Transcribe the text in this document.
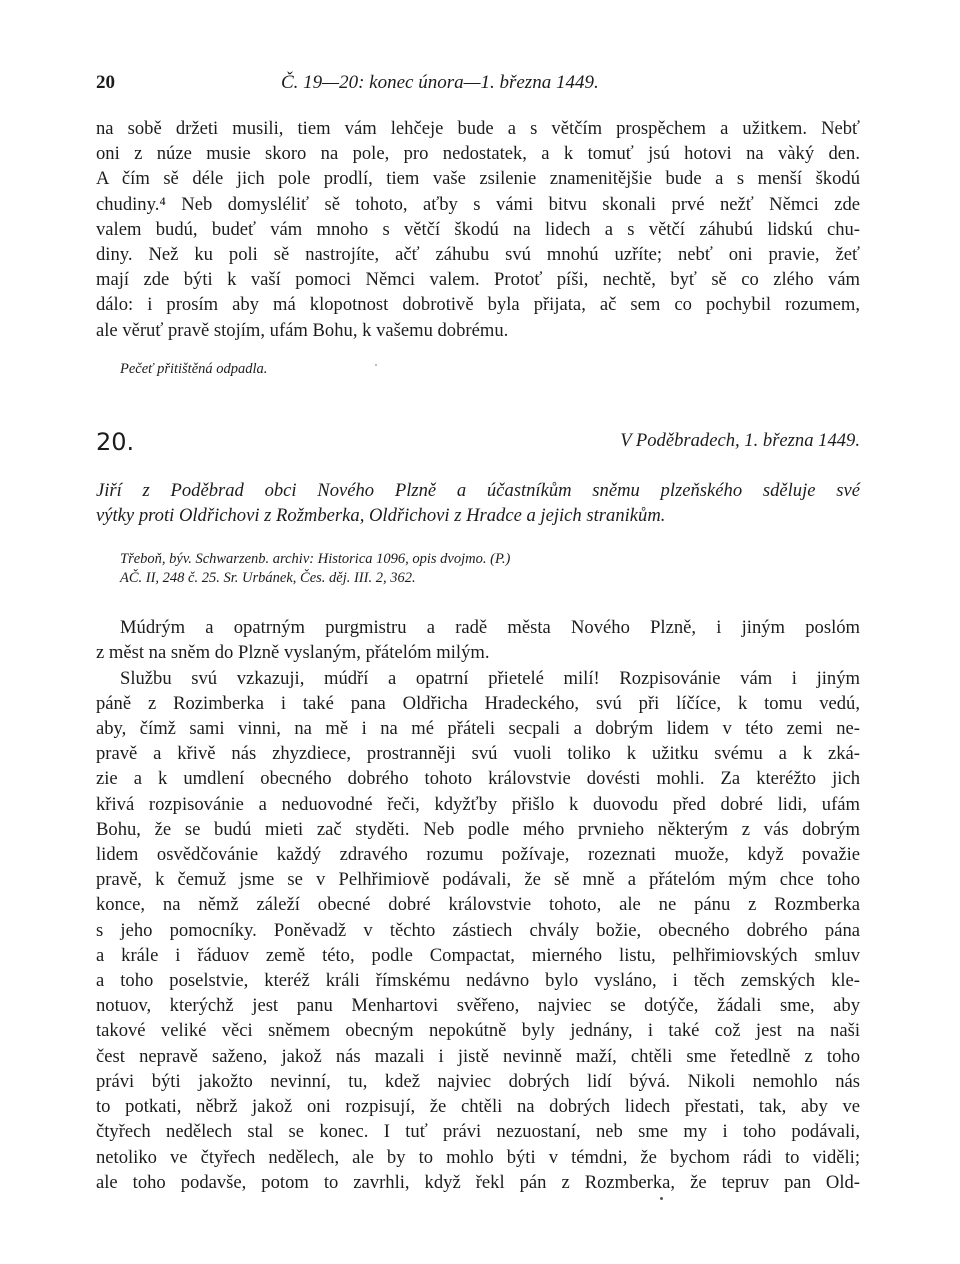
20	Č. 19—20: konec února—1. března 1449.
na sobě držeti musili, tiem vám lehčeje bude a s větčím prospěchem a užitkem. Nebť
oni z núze musie skoro na pole, pro nedostatek, a k tomuť jsú hotovi na vàký den.
A čím sě déle jich pole prodlí, tiem vaše zsilenie znamenitějšie bude a s menší škodú
chudiny.⁴ Neb domysléliť sě tohoto, aťby s vámi bitvu skonali prvé nežť Němci zde
valem budú, budeť vám mnoho s větčí škodú na lidech a s větčí záhubú lidskú chu-
diny. Než ku poli sě nastrojíte, ačť záhubu svú mnohú uzříte; nebť oni pravie, žeť
mají zde býti k vaší pomoci Němci valem. Protoť píši, nechtě, byť sě co zlého vám
dálo: i prosím aby má klopotnost dobrotivě byla přijata, ač sem co pochybil rozumem,
ale věruť pravě stojím, ufám Bohu, k vašemu dobrému.
Pečeť přitištěná odpadla.
20.	V Poděbradech, 1. března 1449.
Jiří z Poděbrad obci Nového Plzně a účastníkům sněmu plzeňského sděluje své
výtky proti Oldřichovi z Rožmberka, Oldřichovi z Hradce a jejich stranikům.
Třeboň, býv. Schwarzenb. archiv: Historica 1096, opis dvojmo. (P.)
AČ. II, 248 č. 25. Sr. Urbánek, Čes. děj. III. 2, 362.
Múdrým a opatrným purgmistru a radě města Nového Plzně, i jiným poslóm
z měst na sněm do Plzně vyslaným, přátelóm milým.
Službu svú vzkazuji, múdří a opatrní přietelé milí! Rozpisovánie vám i jiným
páně z Rozimberka i také pana Oldřicha Hradeckého, svú při líčíce, k tomu vedú,
aby, čímž sami vinni, na mě i na mé přáteli secpali a dobrým lidem v této zemi ne-
pravě a křivě nás zhyzdiece, prostranněji svú vuoli toliko k užitku svému a k zká-
zie a k umdlení obecného dobrého tohoto královstvie dovésti mohli. Za kteréžto jich
křivá rozpisovánie a neduovodné řeči, kdyžťby přišlo k duovodu před dobré lidi, ufám
Bohu, že se budú mieti zač styděti. Neb podle mého prvnieho některým z vás dobrým
lidem osvědčovánie každý zdravého rozumu požívaje, rozeznati muože, když považie
pravě, k čemuž jsme se v Pelhřimiově podávali, že sě mně a přátelóm mým chce toho
konce, na němž záleží obecné dobré královstvie tohoto, ale ne pánu z Rozmberka
s jeho pomocníky. Poněvadž v těchto zástiech chvály božie, obecného dobrého pána
a krále i řáduov země této, podle Compactat, mierného listu, pelhřimiovských smluv
a toho poselstvie, kteréž králi římskému nedávno bylo vysláno, i těch zemských kle-
notuov, kterýchž jest panu Menhartovi svěřeno, najviec se dotýče, žádali sme, aby
takové veliké věci sněmem obecným nepokútně byly jednány, i také což jest na naši
čest nepravě saženo, jakož nás mazali i jistě nevinně maží, chtěli sme řetedlně z toho
právi býti jakožto nevinní, tu, kdež najviec dobrých lidí bývá. Nikoli nemohlo nás
to potkati, něbrž jakož oni rozpisují, že chtěli na dobrých lidech přestati, tak, aby ve
čtyřech nedělech stal se konec. I tuť právi nezuostaní, neb sme my i toho podávali,
netoliko ve čtyřech nedělech, ale by to mohlo býti v témdni, že bychom rádi to viděli;
ale toho podavše, potom to zavrhli, když řekl pán z Rozmberka, že tepruv pan Old-
